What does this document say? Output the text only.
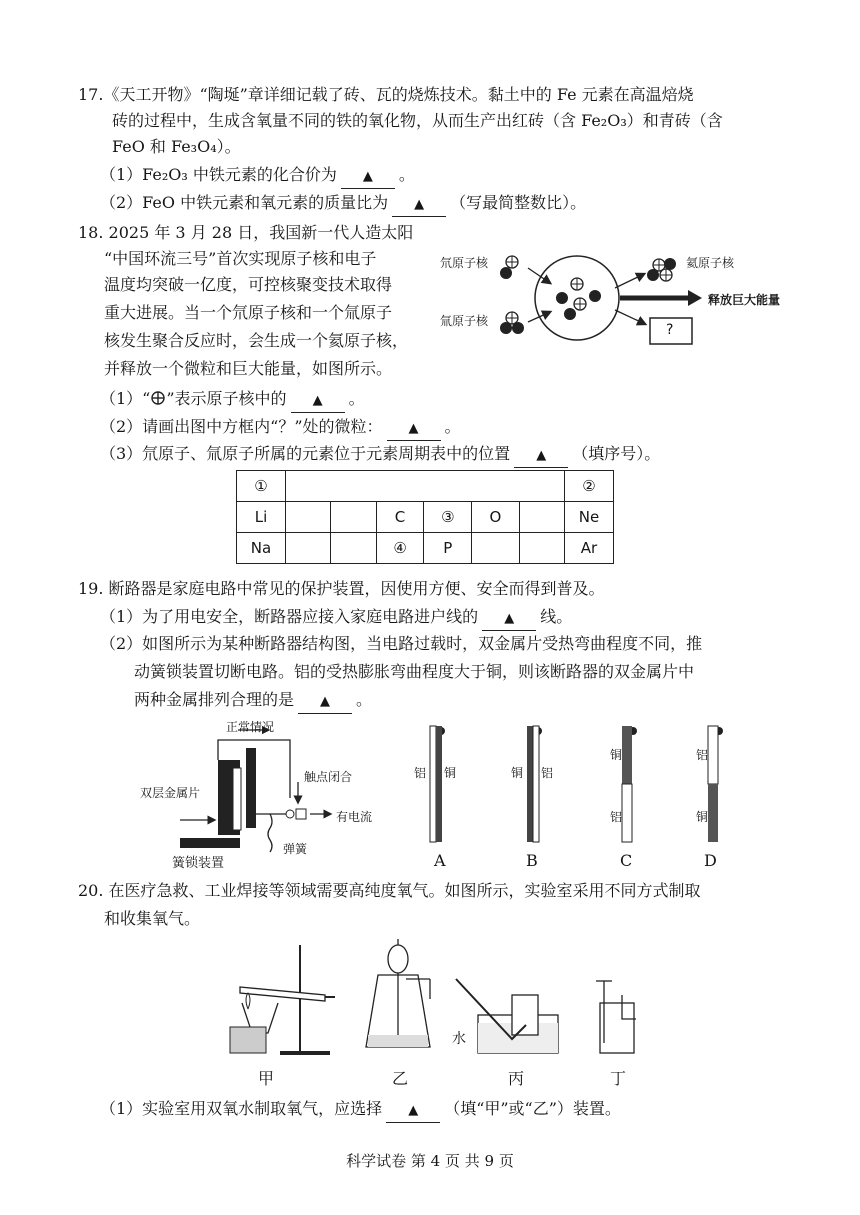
17.《天工开物》“陶埏”章详细记载了砖、瓦的烧炼技术。黏土中的 Fe 元素在高温焙烧
砖的过程中，生成含氧量不同的铁的氧化物，从而生产出红砖（含 Fe₂O₃）和青砖（含
FeO 和 Fe₃O₄）。
（1）Fe₂O₃ 中铁元素的化合价为 ▲ 。
（2）FeO 中铁元素和氧元素的质量比为 ▲ （写最简整数比）。
18. 2025 年 3 月 28 日，我国新一代人造太阳
“中国环流三号”首次实现原子核和电子
温度均突破一亿度，可控核聚变技术取得
重大进展。当一个氘原子核和一个氚原子
核发生聚合反应时，会生成一个氦原子核，
并释放一个微粒和巨大能量，如图所示。
氘原子核
氚原子核
氦原子核
释放巨大能量
?
（1）“ ”表示原子核中的 ▲ 。
（2）请画出图中方框内“？”处的微粒： ▲ 。
（3）氘原子、氚原子所属的元素位于元素周期表中的位置 ▲ （填序号）。
①							②
Li			C	③	O		Ne
Na			④	P			Ar
19. 断路器是家庭电路中常见的保护装置，因使用方便、安全而得到普及。
（1）为了用电安全，断路器应接入家庭电路进户线的 ▲ 线。
（2）如图所示为某种断路器结构图，当电路过载时，双金属片受热弯曲程度不同，推
动簧锁装置切断电路。铝的受热膨胀弯曲程度大于铜，则该断路器的双金属片中
两种金属排列合理的是 ▲ 。
正常情况
触点闭合
双层金属片
有电流
弹簧
簧锁装置
铝 铜	铜 铝
铜
铝
铝
铜
A	B	C	D
20. 在医疗急救、工业焊接等领域需要高纯度氧气。如图所示，实验室采用不同方式制取
和收集氧气。
水
甲	乙	丙	丁
（1）实验室用双氧水制取氧气，应选择 ▲ （填“甲”或“乙”）装置。
科学试卷 第 4 页 共 9 页
